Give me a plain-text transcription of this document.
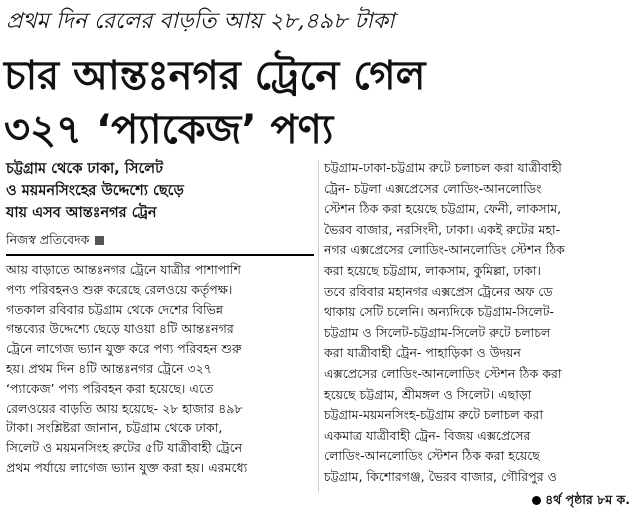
প্রথম দিন রেলের বাড়তি আয় ২৮,৪৯৮ টাকা
চার আন্তঃনগর ট্রেনে গেল
৩২৭ ‘প্যাকেজ’ পণ্য
চট্টগ্রাম থেকে ঢাকা, সিলেট
ও ময়মনসিংহের উদ্দেশ্যে ছেড়ে
যায় এসব আন্তঃনগর ট্রেন
নিজস্ব প্রতিবেদক
আয় বাড়াতে আন্তঃনগর ট্রেনে যাত্রীর পাশাপাশি
পণ্য পরিবহনও শুরু করেছে রেলওয়ে কর্তৃপক্ষ।
গতকাল রবিবার চট্টগ্রাম থেকে দেশের বিভিন্ন
গন্তব্যের উদ্দেশ্যে ছেড়ে যাওয়া ৪টি আন্তঃনগর
ট্রেনে লাগেজ ভ্যান যুক্ত করে পণ্য পরিবহন শুরু
হয়। প্রথম দিন ৪টি আন্তঃনগর ট্রেনে ৩২৭
‘প্যাকেজ’ পণ্য পরিবহন করা হয়েছে। এতে
রেলওয়ের বাড়তি আয় হয়েছে- ২৮ হাজার ৪৯৮
টাকা। সংশ্লিষ্টরা জানান, চট্টগ্রাম থেকে ঢাকা,
সিলেট ও ময়মনসিংহ রুটের ৫টি যাত্রীবাহী ট্রেনে
প্রথম পর্যায়ে লাগেজ ভ্যান যুক্ত করা হয়। এরমধ্যে
চট্টগ্রাম-ঢাকা-চট্টগ্রাম রুটে চলাচল করা যাত্রীবাহী
ট্রেন- চট্টলা এক্সপ্রেসের লোডিং-আনলোডিং
স্টেশন ঠিক করা হয়েছে চট্টগ্রাম, ফেনী, লাকসাম,
ভৈরব বাজার, নরসিংদী, ঢাকা। একই রুটের মহা-
নগর এক্সপ্রেসের লোডিং-আনলোডিং স্টেশন ঠিক
করা হয়েছে চট্টগ্রাম, লাকসাম, কুমিল্লা, ঢাকা।
তবে রবিবার মহানগর এক্সপ্রেস ট্রেনের অফ ডে
থাকায় সেটি চলেনি। অন্যদিকে চট্টগ্রাম-সিলেট-
চট্টগ্রাম ও সিলেট-চট্টগ্রাম-সিলেট রুটে চলাচল
করা যাত্রীবাহী ট্রেন- পাহাড়িকা ও উদয়ন
এক্সপ্রেসের লোডিং-আনলোডিং স্টেশন ঠিক করা
হয়েছে চট্টগ্রাম, শ্রীমঙ্গল ও সিলেট। এছাড়া
চট্টগ্রাম-ময়মনসিংহ-চট্টগ্রাম রুটে চলাচল করা
একমাত্র যাত্রীবাহী ট্রেন- বিজয় এক্সপ্রেসের
লোডিং-আনলোডিং স্টেশন ঠিক করা হয়েছে
চট্টগ্রাম, কিশোরগঞ্জ, ভৈরব বাজার, গৌরিপুর ও
৪র্থ পৃষ্ঠার ৮ম ক.
